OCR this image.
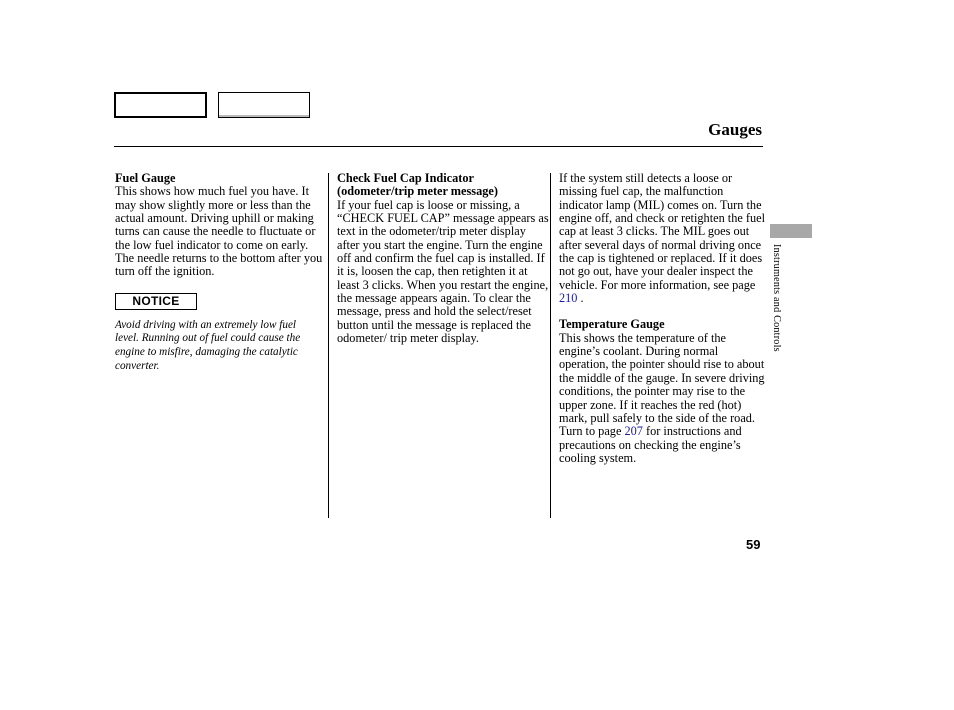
Gauges

Fuel Gauge

This shows how much fuel you have. It may show slightly more or less than the actual amount. Driving uphill or making turns can cause the needle to fluctuate or the low fuel indicator to come on early. The needle returns to the bottom after you turn off the ignition.

NOTICE

Avoid driving with an extremely low fuel level. Running out of fuel could cause the engine to misfire, damaging the catalytic converter.

Check Fuel Cap Indicator

(odometer/trip meter message)

If your fuel cap is loose or missing, a “CHECK FUEL CAP” message appears as text in the odometer/trip meter display after you start the engine. Turn the engine off and confirm the fuel cap is installed. If it is, loosen the cap, then retighten it at least 3 clicks. When you restart the engine, the message appears again. To clear the message, press and hold the select/reset button until the message is replaced the odometer/ trip meter display.

If the system still detects a loose or missing fuel cap, the malfunction indicator lamp (MIL) comes on. Turn the engine off, and check or retighten the fuel cap at least 3 clicks. The MIL goes out after several days of normal driving once the cap is tightened or replaced. If it does not go out, have your dealer inspect the vehicle. For more information, see page 210 .

Temperature Gauge

This shows the temperature of the engine’s coolant. During normal operation, the pointer should rise to about the middle of the gauge. In severe driving conditions, the pointer may rise to the upper zone. If it reaches the red (hot) mark, pull safely to the side of the road. Turn to page 207 for instructions and precautions on checking the engine’s cooling system.

Instruments and Controls
59
